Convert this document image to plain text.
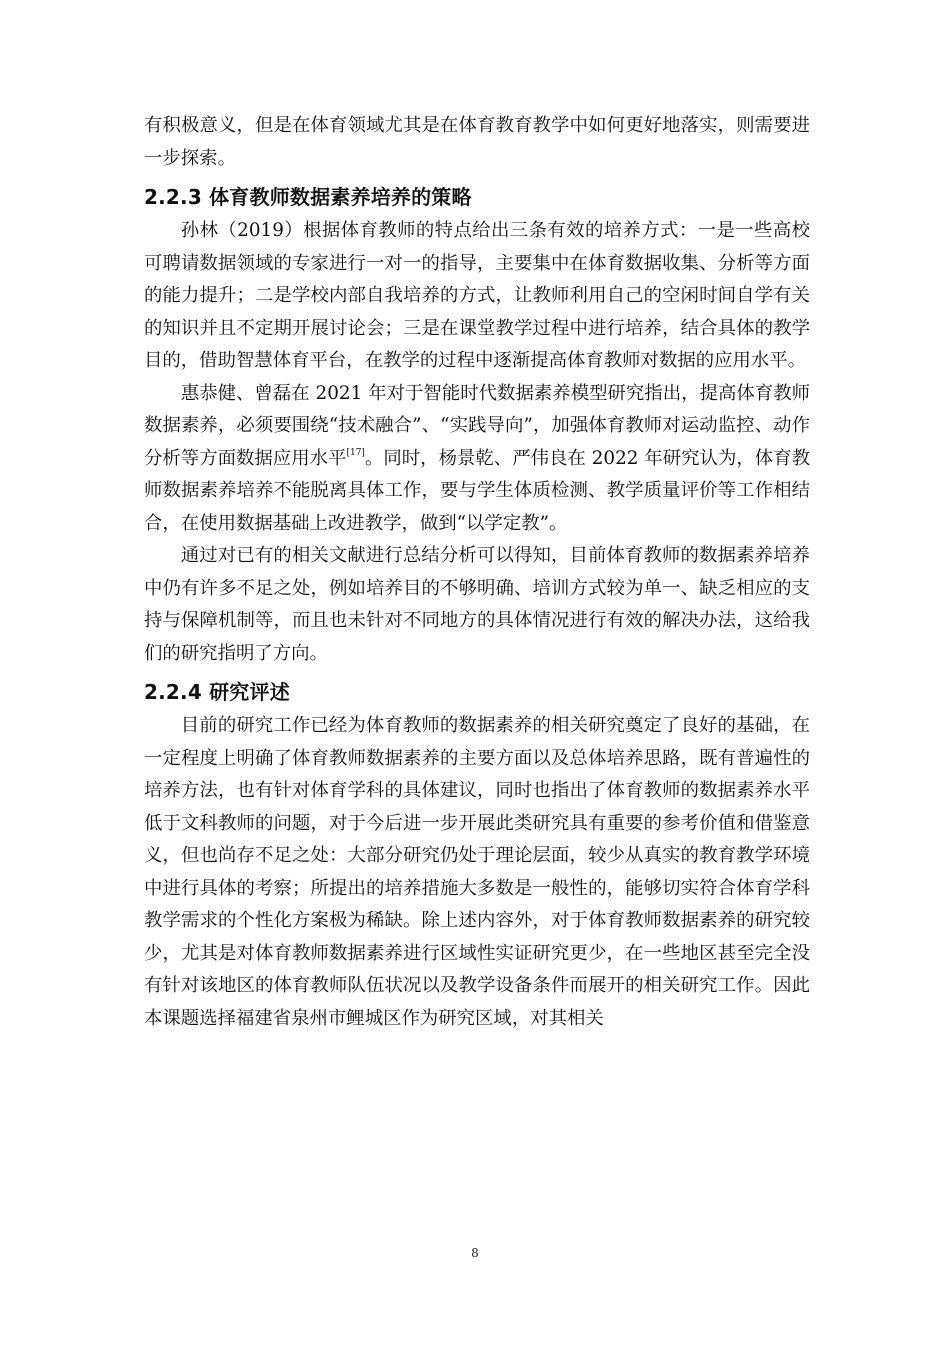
有积极意义，但是在体育领域尤其是在体育教育教学中如何更好地落实，则需要进一步探索。

2.2.3 体育教师数据素养培养的策略

孙林（2019）根据体育教师的特点给出三条有效的培养方式：一是一些高校可聘请数据领域的专家进行一对一的指导，主要集中在体育数据收集、分析等方面的能力提升；二是学校内部自我培养的方式，让教师利用自己的空闲时间自学有关的知识并且不定期开展讨论会；三是在课堂教学过程中进行培养，结合具体的教学目的，借助智慧体育平台，在教学的过程中逐渐提高体育教师对数据的应用水平。

惠恭健、曾磊在 2021 年对于智能时代数据素养模型研究指出，提高体育教师数据素养，必须要围绕“技术融合”、“实践导向”，加强体育教师对运动监控、动作分析等方面数据应用水平[17]。同时，杨景乾、严伟良在 2022 年研究认为，体育教师数据素养培养不能脱离具体工作，要与学生体质检测、教学质量评价等工作相结合，在使用数据基础上改进教学，做到“以学定教”。

通过对已有的相关文献进行总结分析可以得知，目前体育教师的数据素养培养中仍有许多不足之处，例如培养目的不够明确、培训方式较为单一、缺乏相应的支持与保障机制等，而且也未针对不同地方的具体情况进行有效的解决办法，这给我们的研究指明了方向。

2.2.4 研究评述

目前的研究工作已经为体育教师的数据素养的相关研究奠定了良好的基础，在一定程度上明确了体育教师数据素养的主要方面以及总体培养思路，既有普遍性的培养方法，也有针对体育学科的具体建议，同时也指出了体育教师的数据素养水平低于文科教师的问题，对于今后进一步开展此类研究具有重要的参考价值和借鉴意义，但也尚存不足之处：大部分研究仍处于理论层面，较少从真实的教育教学环境中进行具体的考察；所提出的培养措施大多数是一般性的，能够切实符合体育学科教学需求的个性化方案极为稀缺。除上述内容外，对于体育教师数据素养的研究较少，尤其是对体育教师数据素养进行区域性实证研究更少，在一些地区甚至完全没有针对该地区的体育教师队伍状况以及教学设备条件而展开的相关研究工作。因此本课题选择福建省泉州市鲤城区作为研究区域，对其相关

8
